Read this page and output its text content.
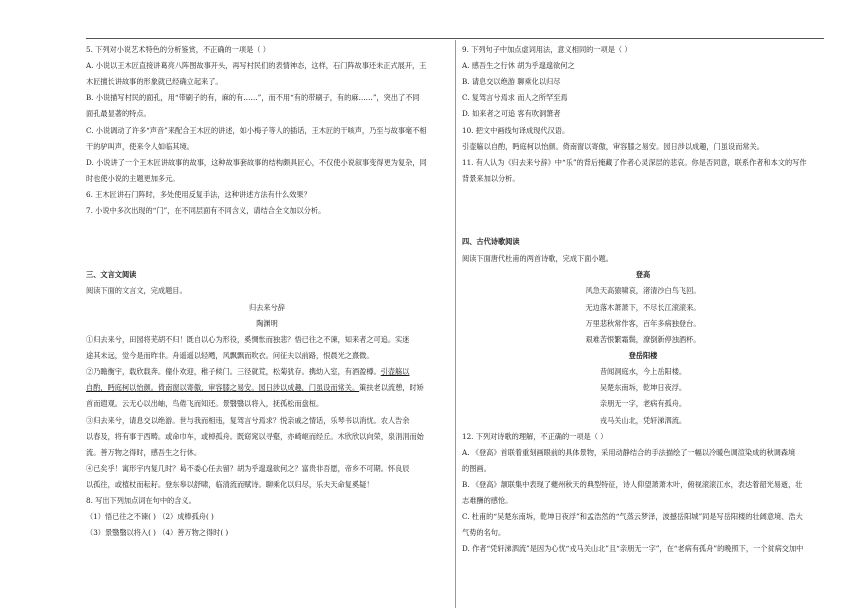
5. 下列对小说艺术特色的分析鉴赏，不正确的一项是（ ）
A. 小说以王木匠直接讲葛亮八阵图故事开头，再写村民们的表情神态，这样，石门阵故事还未正式展开，王
木匠擅长讲故事的形象就已经确立起来了。
B. 小说描写村民的面孔，用“带刷子的有，麻的有……”，而不用“有的带刷子，有的麻……”，突出了不同
面孔最显著的特点。
C. 小说调动了许多“声音”来配合王木匠的讲述，如小梅子等人的插话，王木匠的干咳声，乃至与故事毫不相
干的驴叫声，使来令人如临其境。
D. 小说讲了一个王木匠讲故事的故事，这种故事套故事的结构颇具匠心，不仅使小说叙事变得更为复杂，同
时也使小说的主题更加多元。
6. 王木匠讲石门阵时，多处使用反复手法，这种讲述方法有什么效果？
7. 小说中多次出现的“门”，在不同层面有不同含义，请结合全文加以分析。
三、文言文阅读
阅读下面的文言文，完成题目。
归去来兮辞
陶渊明
①归去来兮，田园将芜胡不归！既自以心为形役，奚惆怅而独悲？悟已往之不谏，知来者之可追。实迷
途其未远，觉今是而昨非。舟遥遥以轻飏，风飘飘而吹衣。问征夫以前路，恨晨光之熹微。
②乃瞻衡宇，载欣载奔。僮仆欢迎，稚子候门。三径就荒，松菊犹存。携幼入室，有酒盈樽。引壶觞以
自酌，眄庭柯以怡颜。倚南窗以寄傲，审容膝之易安。园日涉以成趣，门虽设而常关。策扶老以流憩，时矫
首而遐观。云无心以出岫，鸟倦飞而知还。景翳翳以将入，抚孤松而盘桓。
③归去来兮，请息交以绝游。世与我而相违，复驾言兮焉求？悦亲戚之情话，乐琴书以消忧。农人告余
以春及，将有事于西畴。或命巾车，或棹孤舟。既窈窕以寻壑，亦崎岖而经丘。木欣欣以向荣，泉涓涓而始
流。善万物之得时，感吾生之行休。
④已矣乎！寓形宇内复几时？曷不委心任去留？胡为乎遑遑欲何之？富贵非吾愿，帝乡不可期。怀良辰
以孤往，或植杖而耘耔。登东皋以舒啸，临清流而赋诗。聊乘化以归尽，乐夫天命复奚疑！
8. 写出下列加点词在句中的含义。
（1）悟已往之不谏( ) （2）成棒孤舟( )
（3）景翳翳以将入( ) （4）善万物之得时( )
9. 下列句子中加点虚词用法，意义相同的一项是（ ）
A. 感吾生之行休 胡为乎遑遑欲何之
B. 请息交以绝游 聊乘化以归尽
C. 复驾言兮焉求 而人之所罕至焉
D. 如来者之可追 客有吹洞箫者
10. 把文中画线句译成现代汉语。
引壶觞以自酌，眄庭柯以怡颜。倚南窗以寄傲，审容膝之易安。园日涉以成趣，门虽设而常关。
11. 有人认为《归去来兮辞》中“乐”的背后掩藏了作者心灵深层的悲哀。你是否同意，联系作者和本文的写作
背景来加以分析。
四、古代诗歌阅读
阅读下面唐代杜甫的两首诗歌，完成下面小题。
登高
风急天高猿啸哀，渚清沙白鸟飞回。
无边落木萧萧下，不尽长江滚滚来。
万里悲秋常作客，百年多病独登台。
艰难苦恨繁霜鬓，潦倒新停浊酒杯。
登岳阳楼
昔闻洞庭水，今上岳阳楼。
吴楚东南坼，乾坤日夜浮。
亲朋无一字，老病有孤舟。
戎马关山北，凭轩涕泗流。
12. 下列对诗歌的理解，不正确的一项是（ ）
A. 《登高》首联着重刻画眼前的具体景物，采用动静结合的手法描绘了一幅以冷暖色调渲染成的秋调森境
的图画。
B. 《登高》颔联集中表现了夔州秋天的典型特征，诗人仰望萧萧木叶，俯视滚滚江水，表达着韶光易逝，壮
志难酬的感怆。
C. 杜甫的“吴楚东南坼，乾坤日夜浮”和孟浩然的“气蒸云梦泽，波撼岳阳城”同是写岳阳楼的壮阔意境、浩大
气势的名句。
D. 作者“凭轩涕泗流”是因为心忧“戎马关山北”且“亲朋无一字”，在“老病有孤舟”的晚照下，一个贫病交加中
